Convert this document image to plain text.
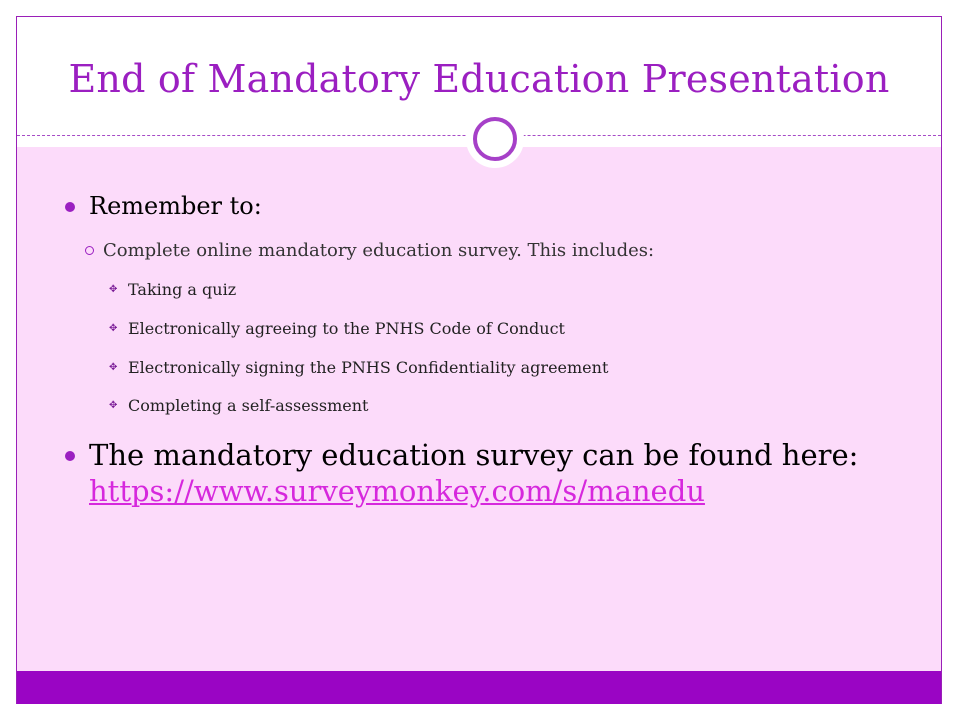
End of Mandatory Education Presentation
Remember to:
Complete online mandatory education survey. This includes:
✥ Taking a quiz
✥ Electronically agreeing to the PNHS Code of Conduct
✥ Electronically signing the PNHS Confidentiality agreement
✥ Completing a self-assessment
The mandatory education survey can be found here:
https://www.surveymonkey.com/s/manedu
